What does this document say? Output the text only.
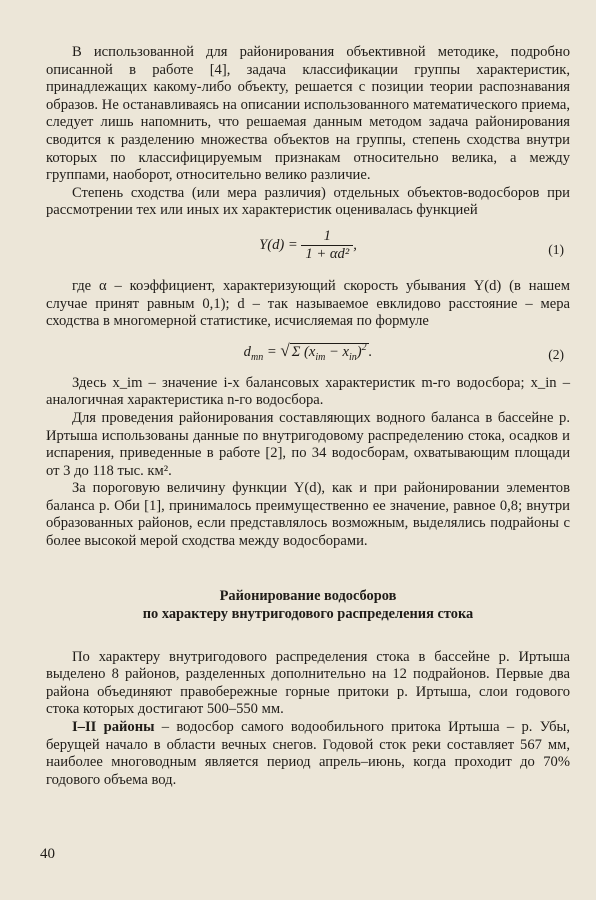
В использованной для районирования объективной методике, подробно описанной в работе [4], задача классификации группы характеристик, принадлежащих какому-либо объекту, решается с позиции теории распознавания образов. Не останавливаясь на описании использованного математического приема, следует лишь напомнить, что решаемая данным методом задача районирования сводится к разделению множества объектов на группы, степень сходства внутри которых по классифицируемым признакам относительно велика, а между группами, наоборот, относительно велико различие.

Степень сходства (или мера различия) отдельных объектов-водосборов при рассмотрении тех или иных их характеристик оценивалась функцией

$Y(d) = \frac{1}{\text{1 + αd²}}$ ,	(1)

где α – коэффициент, характеризующий скорость убывания Y(d) (в нашем случае принят равным 0,1); d – так называемое евклидово расстояние – мера сходства в многомерной статистике, исчисляемая по формуле

$d_{mn}$ = √ Σ $(x_{im} - x_{in})^2$ .	(2)

Здесь x_im – значение i-х балансовых характеристик m-го водосбора; x_in – аналогичная характеристика n-го водосбора.

Для проведения районирования составляющих водного баланса в бассейне р. Иртыша использованы данные по внутригодовому распределению стока, осадков и испарения, приведенные в работе [2], по 34 водосборам, охватывающим площади от 3 до 118 тыс. км².

За пороговую величину функции Y(d), как и при районировании элементов баланса р. Оби [1], принималось преимущественно ее значение, равное 0,8; внутри образованных районов, если представлялось возможным, выделялись подрайоны с более высокой мерой сходства между водосборами.

Районирование водосборов

по характеру внутригодового распределения стока

По характеру внутригодового распределения стока в бассейне р. Иртыша выделено 8 районов, разделенных дополнительно на 12 подрайонов. Первые два района объединяют правобережные горные притоки р. Иртыша, слои годового стока которых достигают 500–550 мм.

I–II районы – водосбор самого водообильного притока Иртыша – р. Убы, берущей начало в области вечных снегов. Годовой сток реки составляет 567 мм, наиболее многоводным является период апрель–июнь, когда проходит до 70% годового объема вод.

40
